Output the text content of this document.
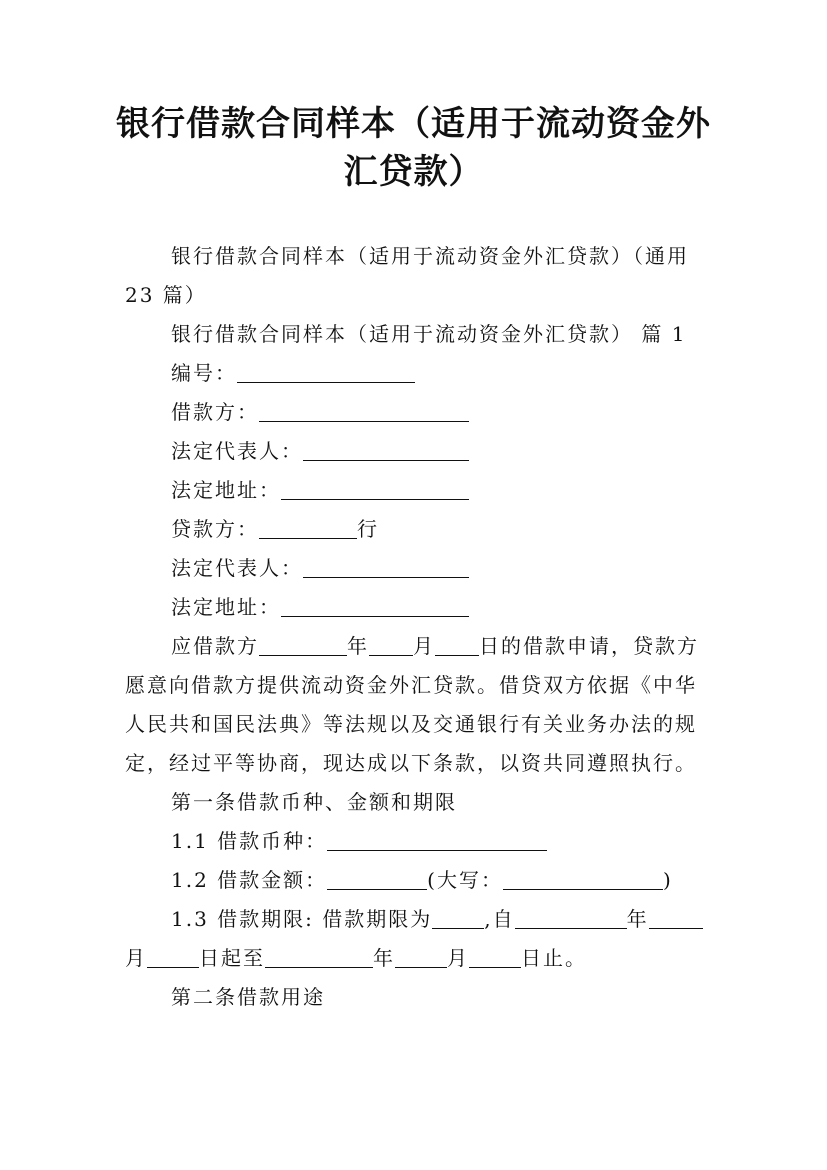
银行借款合同样本（适用于流动资金外汇贷款）

银行借款合同样本（适用于流动资金外汇贷款）（通用23 篇）

银行借款合同样本（适用于流动资金外汇贷款） 篇 1

编号：

借款方：

法定代表人：

法定地址：

贷款方：	行

法定代表人：

法定地址：

应借款方	年 月 日的借款申请，贷款方愿意向借款方提供流动资金外汇贷款。借贷双方依据《中华人民共和国民法典》等法规以及交通银行有关业务办法的规定，经过平等协商，现达成以下条款，以资共同遵照执行。

第一条借款币种、金额和期限

1.1 借款币种：

1.2 借款金额：	(大写：	)

1.3 借款期限: 借款期限为	,自	年月	日起至	年	月	日止。

第二条借款用途
